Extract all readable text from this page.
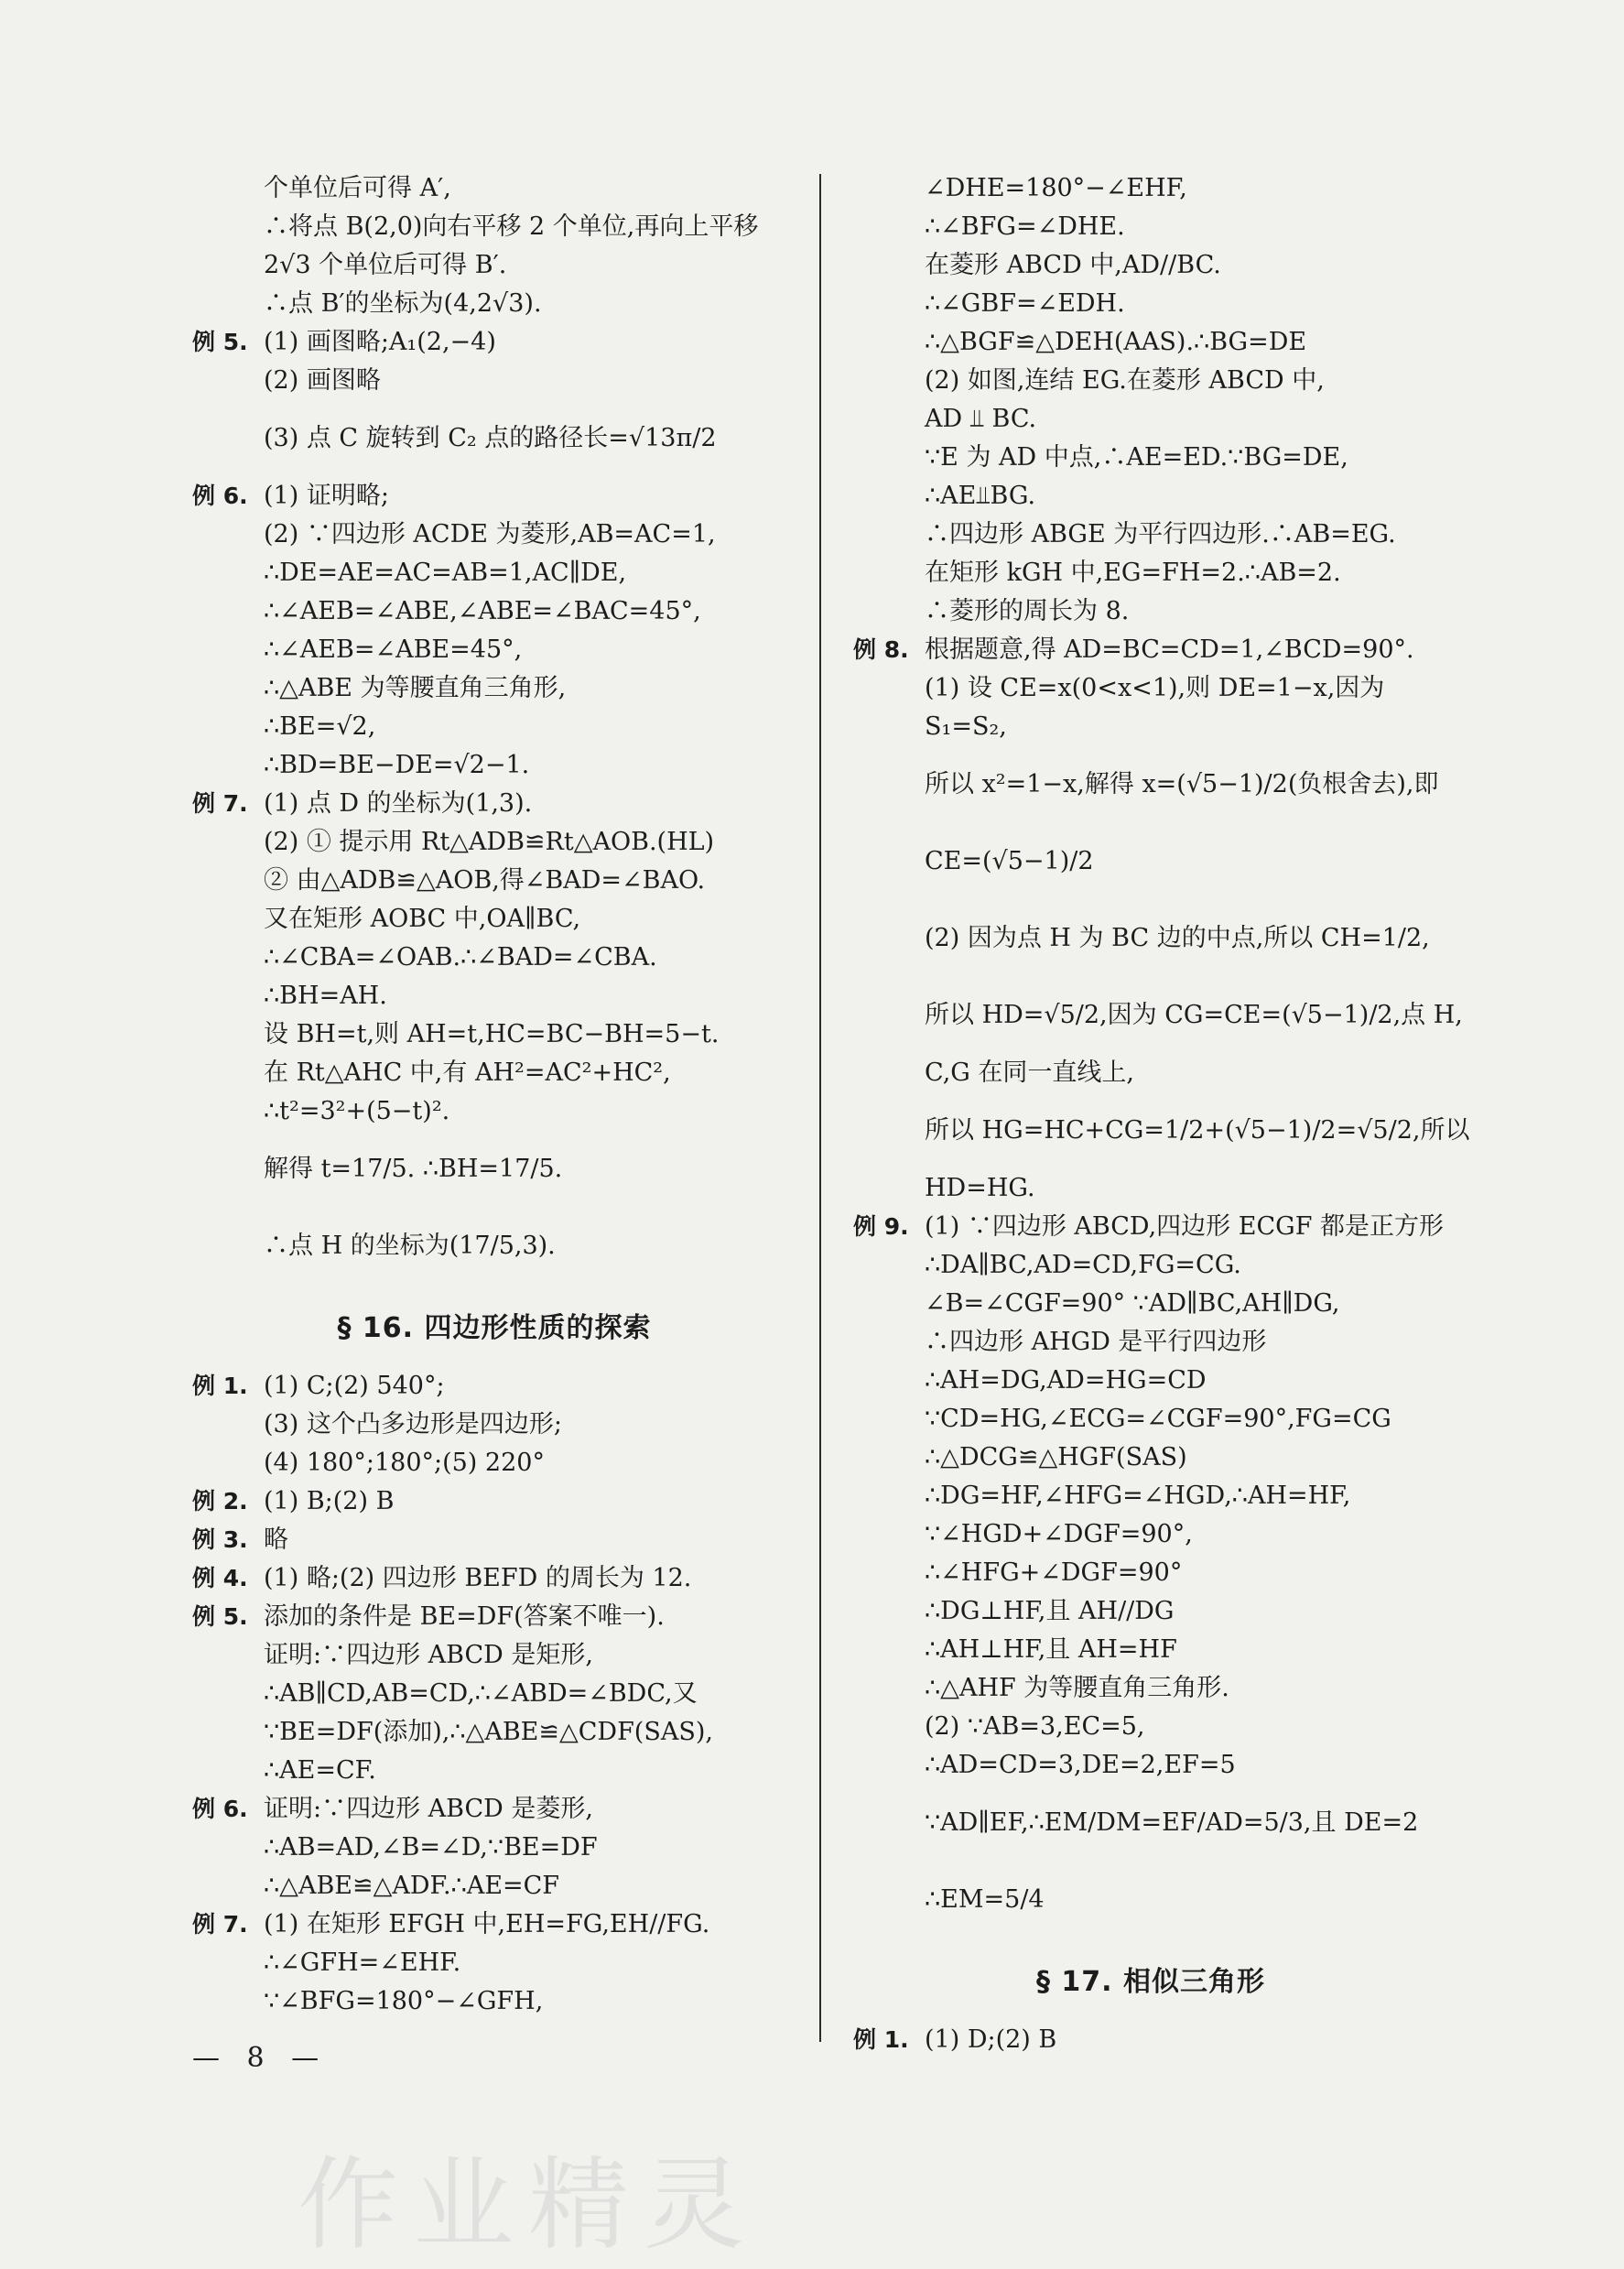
个单位后可得 A′,
∴将点 B(2,0)向右平移 2 个单位,再向上平移
2√3 个单位后可得 B′.
∴点 B′的坐标为(4,2√3).
例 5. (1) 画图略;A₁(2,−4)
(2) 画图略
(3) 点 C 旋转到 C₂ 点的路径长=√13π/2
例 6. (1) 证明略;
(2) ∵四边形 ACDE 为菱形,AB=AC=1,
∴DE=AE=AC=AB=1,AC∥DE,
∴∠AEB=∠ABE,∠ABE=∠BAC=45°,
∴∠AEB=∠ABE=45°,
∴△ABE 为等腰直角三角形,
∴BE=√2,
∴BD=BE−DE=√2−1.
例 7. (1) 点 D 的坐标为(1,3).
(2) ① 提示用 Rt△ADB≌Rt△AOB.(HL)
② 由△ADB≌△AOB,得∠BAD=∠BAO.
又在矩形 AOBC 中,OA∥BC,
∴∠CBA=∠OAB.∴∠BAD=∠CBA.
∴BH=AH.
设 BH=t,则 AH=t,HC=BC−BH=5−t.
在 Rt△AHC 中,有 AH²=AC²+HC²,
∴t²=3²+(5−t)².
解得 t=17/5. ∴BH=17/5.
∴点 H 的坐标为(17/5,3).
§ 16. 四边形性质的探索
例 1. (1) C;(2) 540°;
(3) 这个凸多边形是四边形;
(4) 180°;180°;(5) 220°
例 2. (1) B;(2) B
例 3. 略
例 4. (1) 略;(2) 四边形 BEFD 的周长为 12.
例 5. 添加的条件是 BE=DF(答案不唯一).
证明:∵四边形 ABCD 是矩形,
∴AB∥CD,AB=CD,∴∠ABD=∠BDC,又
∵BE=DF(添加),∴△ABE≌△CDF(SAS),
∴AE=CF.
例 6. 证明:∵四边形 ABCD 是菱形,
∴AB=AD,∠B=∠D,∵BE=DF
∴△ABE≌△ADF.∴AE=CF
例 7. (1) 在矩形 EFGH 中,EH=FG,EH//FG.
∴∠GFH=∠EHF.
∵∠BFG=180°−∠GFH,
∠DHE=180°−∠EHF,
∴∠BFG=∠DHE.
在菱形 ABCD 中,AD//BC.
∴∠GBF=∠EDH.
∴△BGF≌△DEH(AAS).∴BG=DE
(2) 如图,连结 EG.在菱形 ABCD 中,
AD ⫫ BC.
∵E 为 AD 中点,∴AE=ED.∵BG=DE,
∴AE⫫BG.
∴四边形 ABGE 为平行四边形.∴AB=EG.
在矩形 kGH 中,EG=FH=2.∴AB=2.
∴菱形的周长为 8.
例 8. 根据题意,得 AD=BC=CD=1,∠BCD=90°.
(1) 设 CE=x(0<x<1),则 DE=1−x,因为
S₁=S₂,
所以 x²=1−x,解得 x=(√5−1)/2(负根舍去),即
CE=(√5−1)/2
(2) 因为点 H 为 BC 边的中点,所以 CH=1/2,
所以 HD=√5/2,因为 CG=CE=(√5−1)/2,点 H,
C,G 在同一直线上,
所以 HG=HC+CG=1/2+(√5−1)/2=√5/2,所以
HD=HG.
例 9. (1) ∵四边形 ABCD,四边形 ECGF 都是正方形
∴DA∥BC,AD=CD,FG=CG.
∠B=∠CGF=90° ∵AD∥BC,AH∥DG,
∴四边形 AHGD 是平行四边形
∴AH=DG,AD=HG=CD
∵CD=HG,∠ECG=∠CGF=90°,FG=CG
∴△DCG≌△HGF(SAS)
∴DG=HF,∠HFG=∠HGD,∴AH=HF,
∵∠HGD+∠DGF=90°,
∴∠HFG+∠DGF=90°
∴DG⊥HF,且 AH//DG
∴AH⊥HF,且 AH=HF
∴△AHF 为等腰直角三角形.
(2) ∵AB=3,EC=5,
∴AD=CD=3,DE=2,EF=5
∵AD∥EF,∴EM/DM=EF/AD=5/3,且 DE=2
∴EM=5/4
§ 17. 相似三角形
例 1. (1) D;(2) B
— 8 —
作业精灵
